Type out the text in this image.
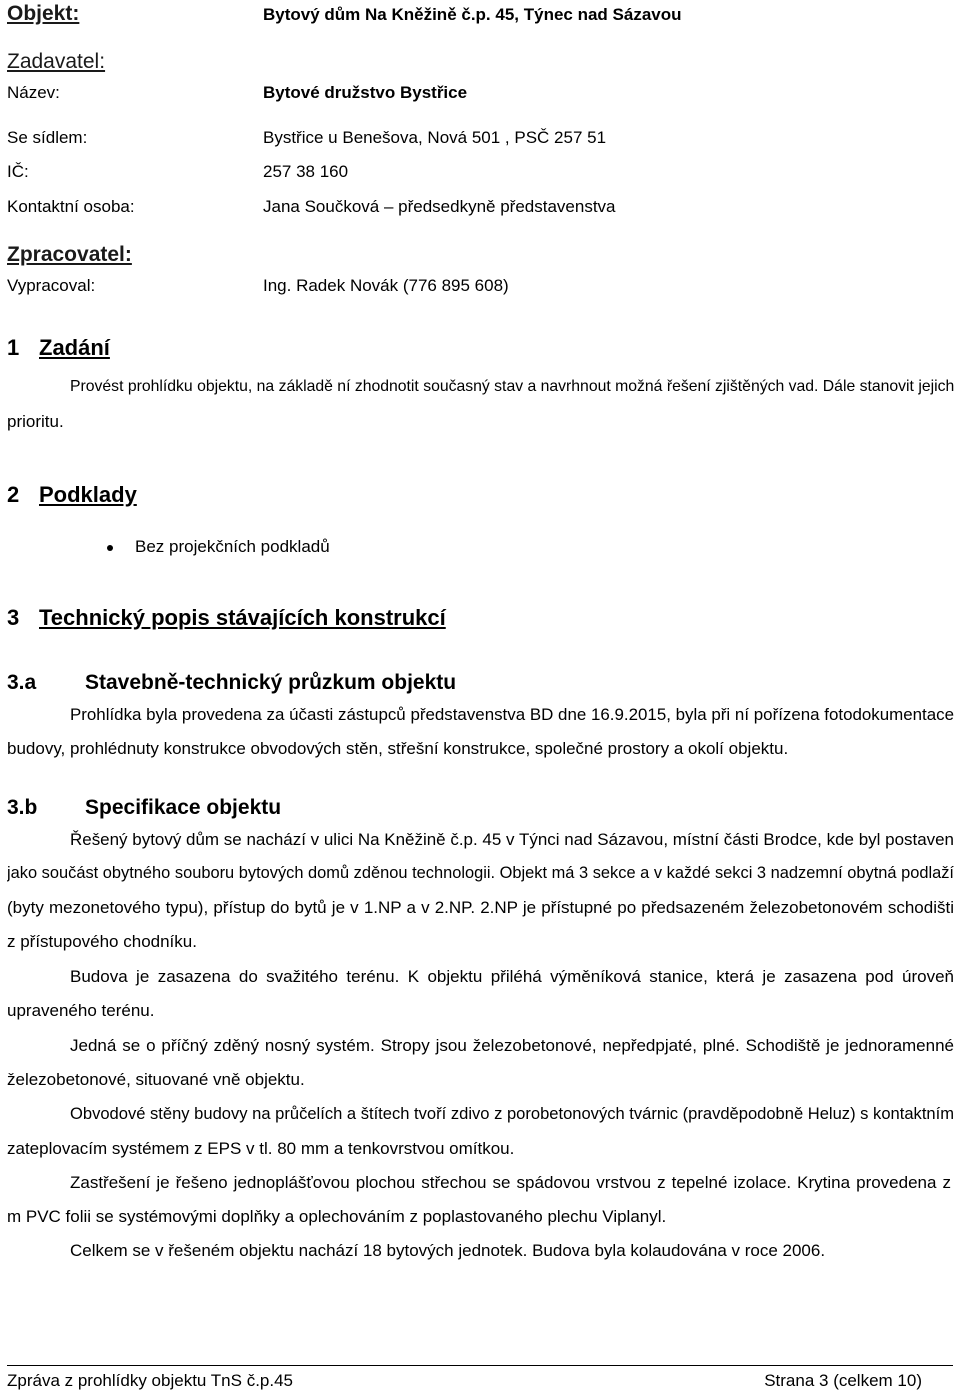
Objekt:	Bytový dům Na Kněžině č.p. 45, Týnec nad Sázavou
Zadavatel:
Název:	Bytové družstvo Bystřice
Se sídlem:	Bystřice u Benešova, Nová 501 , PSČ 257 51
IČ:	257 38 160
Kontaktní osoba:	Jana Součková – předsedkyně představenstva
Zpracovatel:
Vypracoval:	Ing. Radek Novák (776 895 608)
1 Zadání
Provést prohlídku objektu, na základě ní zhodnotit současný stav a navrhnout možná řešení zjištěných vad. Dále stanovit jejich
prioritu.
2 Podklady
Bez projekčních podkladů
3 Technický popis stávajících konstrukcí
3.a Stavebně-technický průzkum objektu
Prohlídka byla provedena za účasti zástupců představenstva BD dne 16.9.2015, byla při ní pořízena fotodokumentace
budovy, prohlédnuty konstrukce obvodových stěn, střešní konstrukce, společné prostory a okolí objektu.
3.b Specifikace objektu
Řešený bytový dům se nachází v ulici Na Kněžině č.p. 45 v Týnci nad Sázavou, místní části Brodce, kde byl postaven
jako součást obytného souboru bytových domů zděnou technologii. Objekt má 3 sekce a v každé sekci 3 nadzemní obytná podlaží
(byty mezonetového typu), přístup do bytů je v 1.NP a v 2.NP. 2.NP je přístupné po předsazeném železobetonovém schodišti
z přístupového chodníku.
Budova je zasazena do svažitého terénu. K objektu přiléhá výměníková stanice, která je zasazena pod úroveň
upraveného terénu.
Jedná se o příčný zděný nosný systém. Stropy jsou železobetonové, nepředpjaté, plné. Schodiště je jednoramenné
železobetonové, situované vně objektu.
Obvodové stěny budovy na průčelích a štítech tvoří zdivo z porobetonových tvárnic (pravděpodobně Heluz) s kontaktním
zateplovacím systémem z EPS v tl. 80 mm a tenkovrstvou omítkou.
Zastřešení je řešeno jednoplášťovou plochou střechou se spádovou vrstvou z tepelné izolace. Krytina provedena z
m PVC folii se systémovými doplňky a oplechováním z poplastovaného plechu Viplanyl.
Celkem se v řešeném objektu nachází 18 bytových jednotek. Budova byla kolaudována v roce 2006.
Zpráva z prohlídky objektu TnS č.p.45	Strana 3 (celkem 10)
